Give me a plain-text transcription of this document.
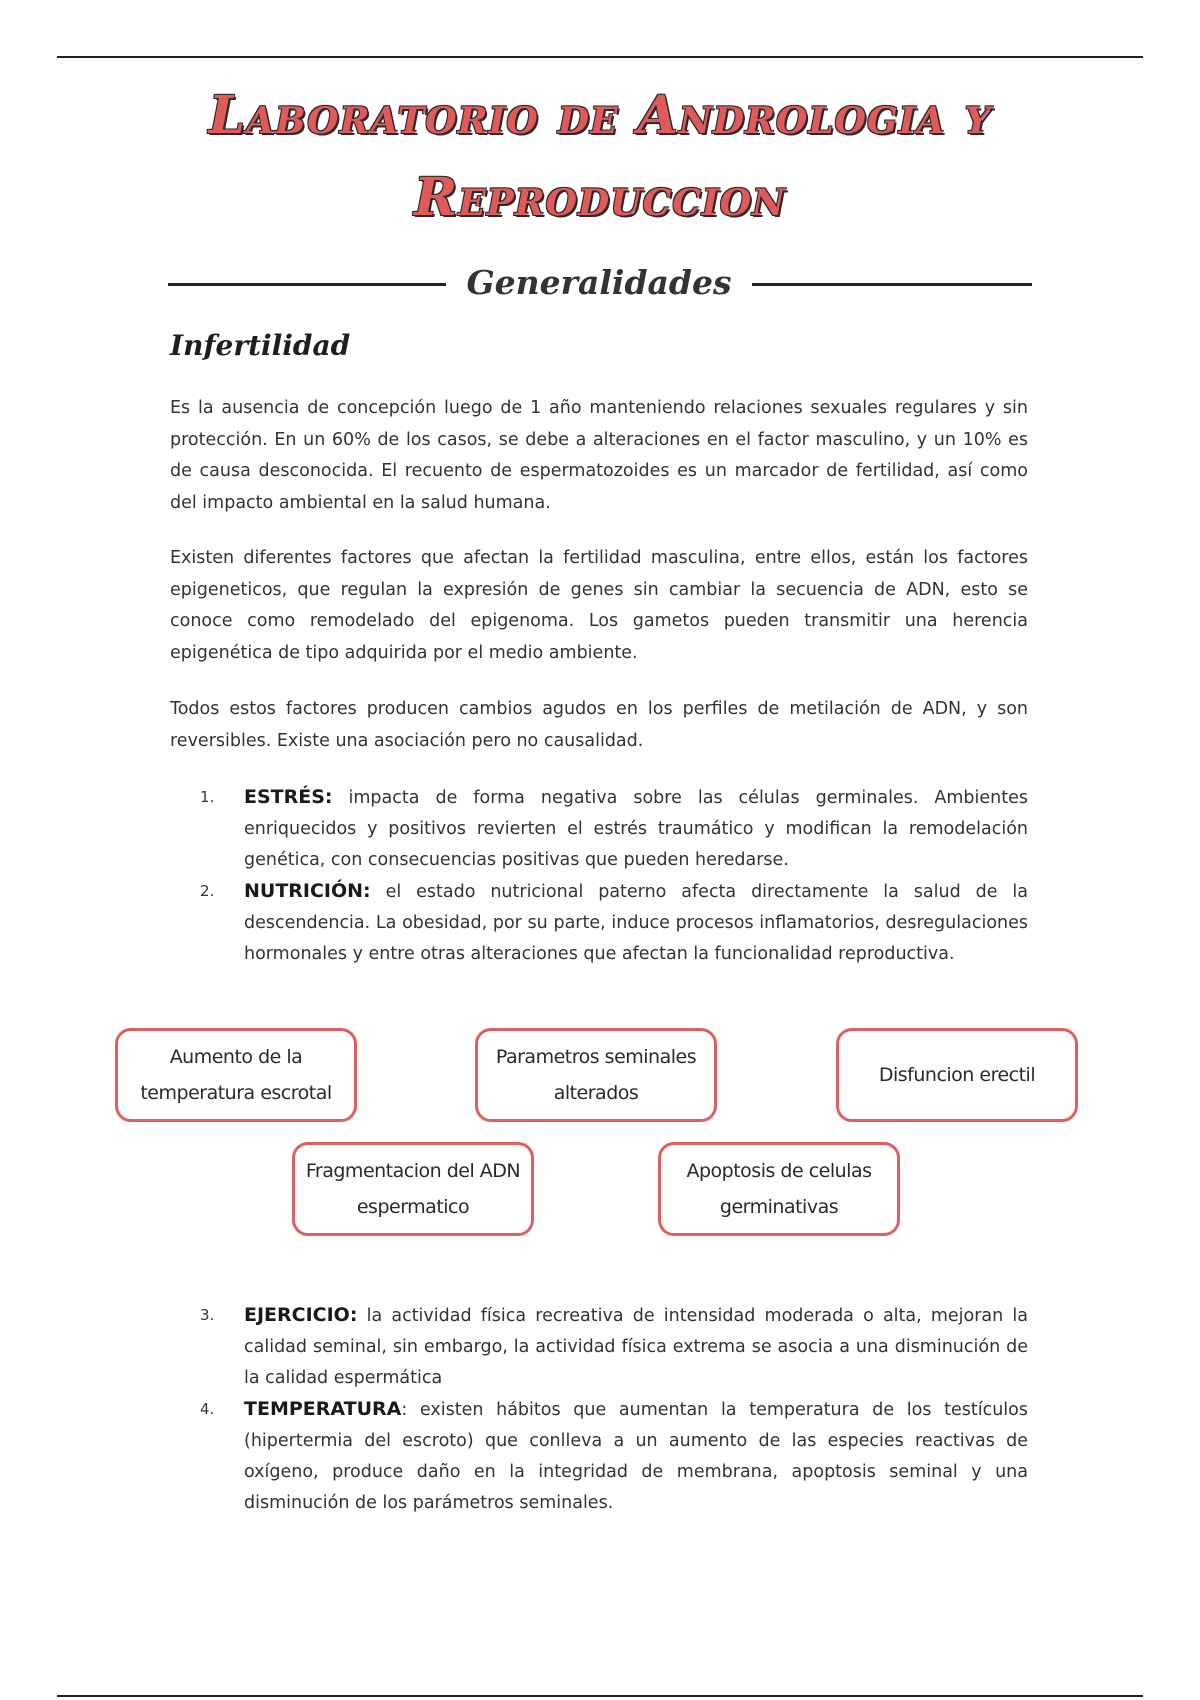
Laboratorio de Andrologia y
Reproduccion
Generalidades
Infertilidad

Es la ausencia de concepción luego de 1 año manteniendo relaciones sexuales regulares y sin protección. En un 60% de los casos, se debe a alteraciones en el factor masculino, y un 10% es de causa desconocida. El recuento de espermatozoides es un marcador de fertilidad, así como del impacto ambiental en la salud humana.

Existen diferentes factores que afectan la fertilidad masculina, entre ellos, están los factores epigeneticos, que regulan la expresión de genes sin cambiar la secuencia de ADN, esto se conoce como remodelado del epigenoma. Los gametos pueden transmitir una herencia epigenética de tipo adquirida por el medio ambiente.

Todos estos factores producen cambios agudos en los perfiles de metilación de ADN, y son reversibles. Existe una asociación pero no causalidad.

1. ESTRÉS: impacta de forma negativa sobre las células germinales. Ambientes enriquecidos y positivos revierten el estrés traumático y modifican la remodelación genética, con consecuencias positivas que pueden heredarse.
2. NUTRICIÓN: el estado nutricional paterno afecta directamente la salud de la descendencia. La obesidad, por su parte, induce procesos inflamatorios, desregulaciones hormonales y entre otras alteraciones que afectan la funcionalidad reproductiva.
Aumento de la temperatura escrotal
Parametros seminales alterados
Disfuncion erectil
Fragmentacion del ADN espermatico
Apoptosis de celulas germinativas
3. EJERCICIO: la actividad física recreativa de intensidad moderada o alta, mejoran la calidad seminal, sin embargo, la actividad física extrema se asocia a una disminución de la calidad espermática
4. TEMPERATURA: existen hábitos que aumentan la temperatura de los testículos (hipertermia del escroto) que conlleva a un aumento de las especies reactivas de oxígeno, produce daño en la integridad de membrana, apoptosis seminal y una disminución de los parámetros seminales.
